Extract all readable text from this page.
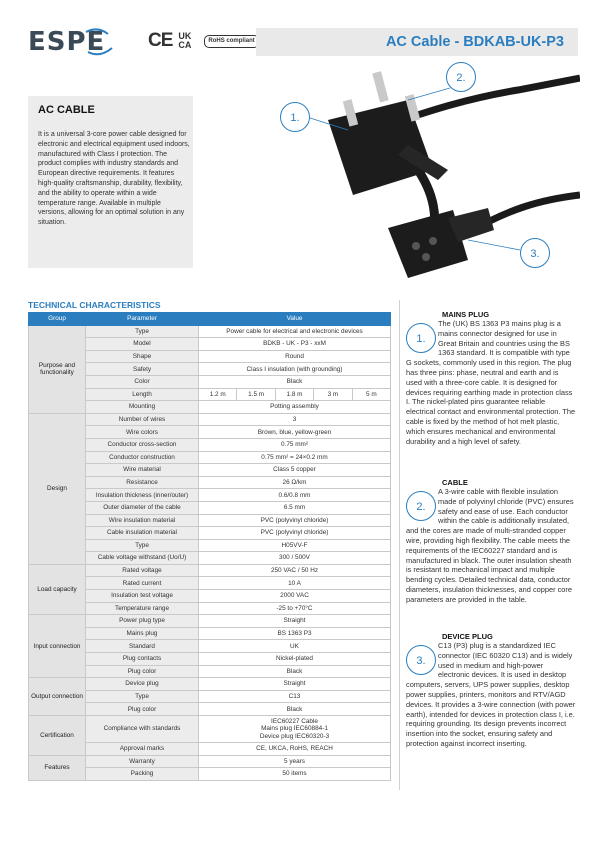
ESPE CE UK CA	RoHS compliant	AC Cable - BDKAB-UK-P3
AC CABLE
It is a universal 3-core power cable designed for electronic and electrical equipment used indoors, manufactured with Class I protection. The product complies with industry standards and European directive requirements. It features high-quality craftsmanship, durability, flexibility, and the ability to operate within a wide temperature range. Available in multiple versions, allowing for an optimal solution in any situation.
1.
2.
3.
TECHNICAL CHARACTERISTICS
Group	Parameter	Value
Purpose and functionality	Type	Power cable for electrical and electronic devices
	Model	BDKB - UK - P3 - xxM
	Shape	Round
	Safety	Class I insulation (with grounding)
	Color	Black
	Length	1.2 m 1.5 m 1.8 m 3 m 5 m

	Mounting	Potting assembly
Design	Number of wires	3
	Wire colors	Brown, blue, yellow-green
	Conductor cross-section	0.75 mm²
	Conductor construction	0.75 mm² = 24×0.2 mm
	Wire material	Class 5 copper
	Resistance	26 Ω/km
	Insulation thickness (inner/outer)	0.6/0.8 mm
	Outer diameter of the cable	6.5 mm
	Wire insulation material	PVC (polyvinyl chloride)
	Cable insulation material	PVC (polyvinyl chloride)
	Type	H05VV-F
	Cable voltage withstand (Uo/U)	300 / 500V
Load capacity	Rated voltage	250 VAC / 50 Hz
	Rated current	10 A
	Insulation test voltage	2000 VAC
	Temperature range	-25 to +70°C
Input connection	Power plug type	Straight
	Mains plug	BS 1363 P3
	Standard	UK
	Plug contacts	Nickel-plated
	Plug color	Black
Output connection	Device plug	Straight
	Type	C13
	Plug color	Black
Certification	Compliance with standards	IEC60227 Cable
Mains plug IEC60884-1
Device plug IEC60320-3

	Approval marks	CE, UKCA, RoHS, REACH
Features	Warranty	5 years
	Packing	50 items
MAINS PLUG
1.
The (UK) BS 1363 P3 mains plug is a mains connector designed for use in Great Britain and countries using the BS 1363 standard. It is compatible with type G sockets, commonly used in this region. The plug has three pins: phase, neutral and earth and is used with a three-core cable. It is designed for devices requiring earthing made in protection class I. The nickel-plated pins guarantee reliable electrical contact and environmental protection. The cable is fixed by the method of hot melt plastic, which ensures mechanical and environmental durability and a high level of safety.
CABLE
2.
A 3-wire cable with flexible insulation made of polyvinyl chloride (PVC) ensures safety and ease of use. Each conductor within the cable is additionally insulated, and the cores are made of multi-stranded copper wire, providing high flexibility. The cable meets the requirements of the IEC60227 standard and is manufactured in black. The outer insulation sheath is resistant to mechanical impact and multiple bending cycles. Detailed technical data, conductor diameters, insulation thicknesses, and copper core parameters are provided in the table.
DEVICE PLUG
3.
C13 (P3) plug is a standardized IEC connector (IEC 60320 C13) and is widely used in medium and high-power electronic devices. It is used in desktop computers, servers, UPS power supplies, desktop power supplies, printers, monitors and RTV/AGD devices. It provides a 3-wire connection (with power earth), intended for devices in protection class I, i.e. requiring grounding. Its design prevents incorrect insertion into the socket, ensuring safety and protection against incorrect inserting.
